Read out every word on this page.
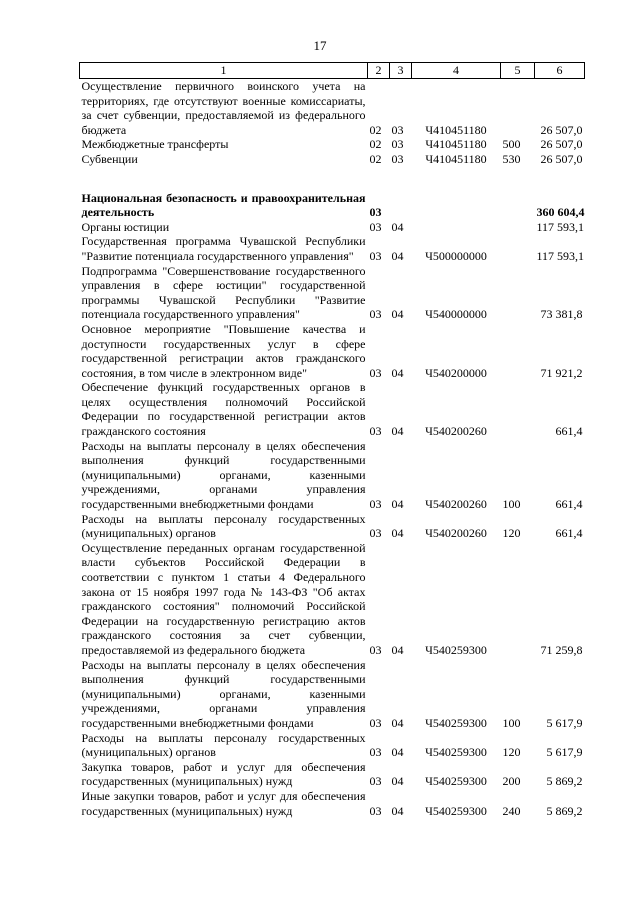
17
1	2	3	4	5	6
Осуществление первичного воинского учета на территориях, где отсутствуют военные комиссариаты, за счет субвенции, предоставляемой из федерального бюджета	02	03	Ч410451180		26 507,0
Межбюджетные трансферты	02	03	Ч410451180	500	26 507,0
Субвенции	02	03	Ч410451180	530	26 507,0

Национальная безопасность и правоохранительная деятельность	03				360 604,4
Органы юстиции	03	04			117 593,1
Государственная программа Чувашской Республики "Развитие потенциала государственного управления"	03	04	Ч500000000		117 593,1
Подпрограмма "Совершенствование государственного управления в сфере юстиции" государственной программы Чувашской Республики "Развитие потенциала государственного управления"	03	04	Ч540000000		73 381,8
Основное мероприятие "Повышение качества и доступности государственных услуг в сфере государственной регистрации актов гражданского состояния, в том числе в электронном виде"	03	04	Ч540200000		71 921,2
Обеспечение функций государственных органов в целях осуществления полномочий Российской Федерации по государственной регистрации актов гражданского состояния	03	04	Ч540200260		661,4
Расходы на выплаты персоналу в целях обеспечения выполнения функций государственными (муниципальными) органами, казенными учреждениями, органами управления государственными внебюджетными фондами	03	04	Ч540200260	100	661,4
Расходы на выплаты персоналу государственных (муниципальных) органов	03	04	Ч540200260	120	661,4
Осуществление переданных органам государственной власти субъектов Российской Федерации в соответствии с пунктом 1 статьи 4 Федерального закона от 15 ноября 1997 года № 143-ФЗ "Об актах гражданского состояния" полномочий Российской Федерации на государственную регистрацию актов гражданского состояния за счет субвенции, предоставляемой из федерального бюджета	03	04	Ч540259300		71 259,8
Расходы на выплаты персоналу в целях обеспечения выполнения функций государственными (муниципальными) органами, казенными учреждениями, органами управления государственными внебюджетными фондами	03	04	Ч540259300	100	5 617,9
Расходы на выплаты персоналу государственных (муниципальных) органов	03	04	Ч540259300	120	5 617,9
Закупка товаров, работ и услуг для обеспечения государственных (муниципальных) нужд	03	04	Ч540259300	200	5 869,2
Иные закупки товаров, работ и услуг для обеспечения государственных (муниципальных) нужд	03	04	Ч540259300	240	5 869,2
